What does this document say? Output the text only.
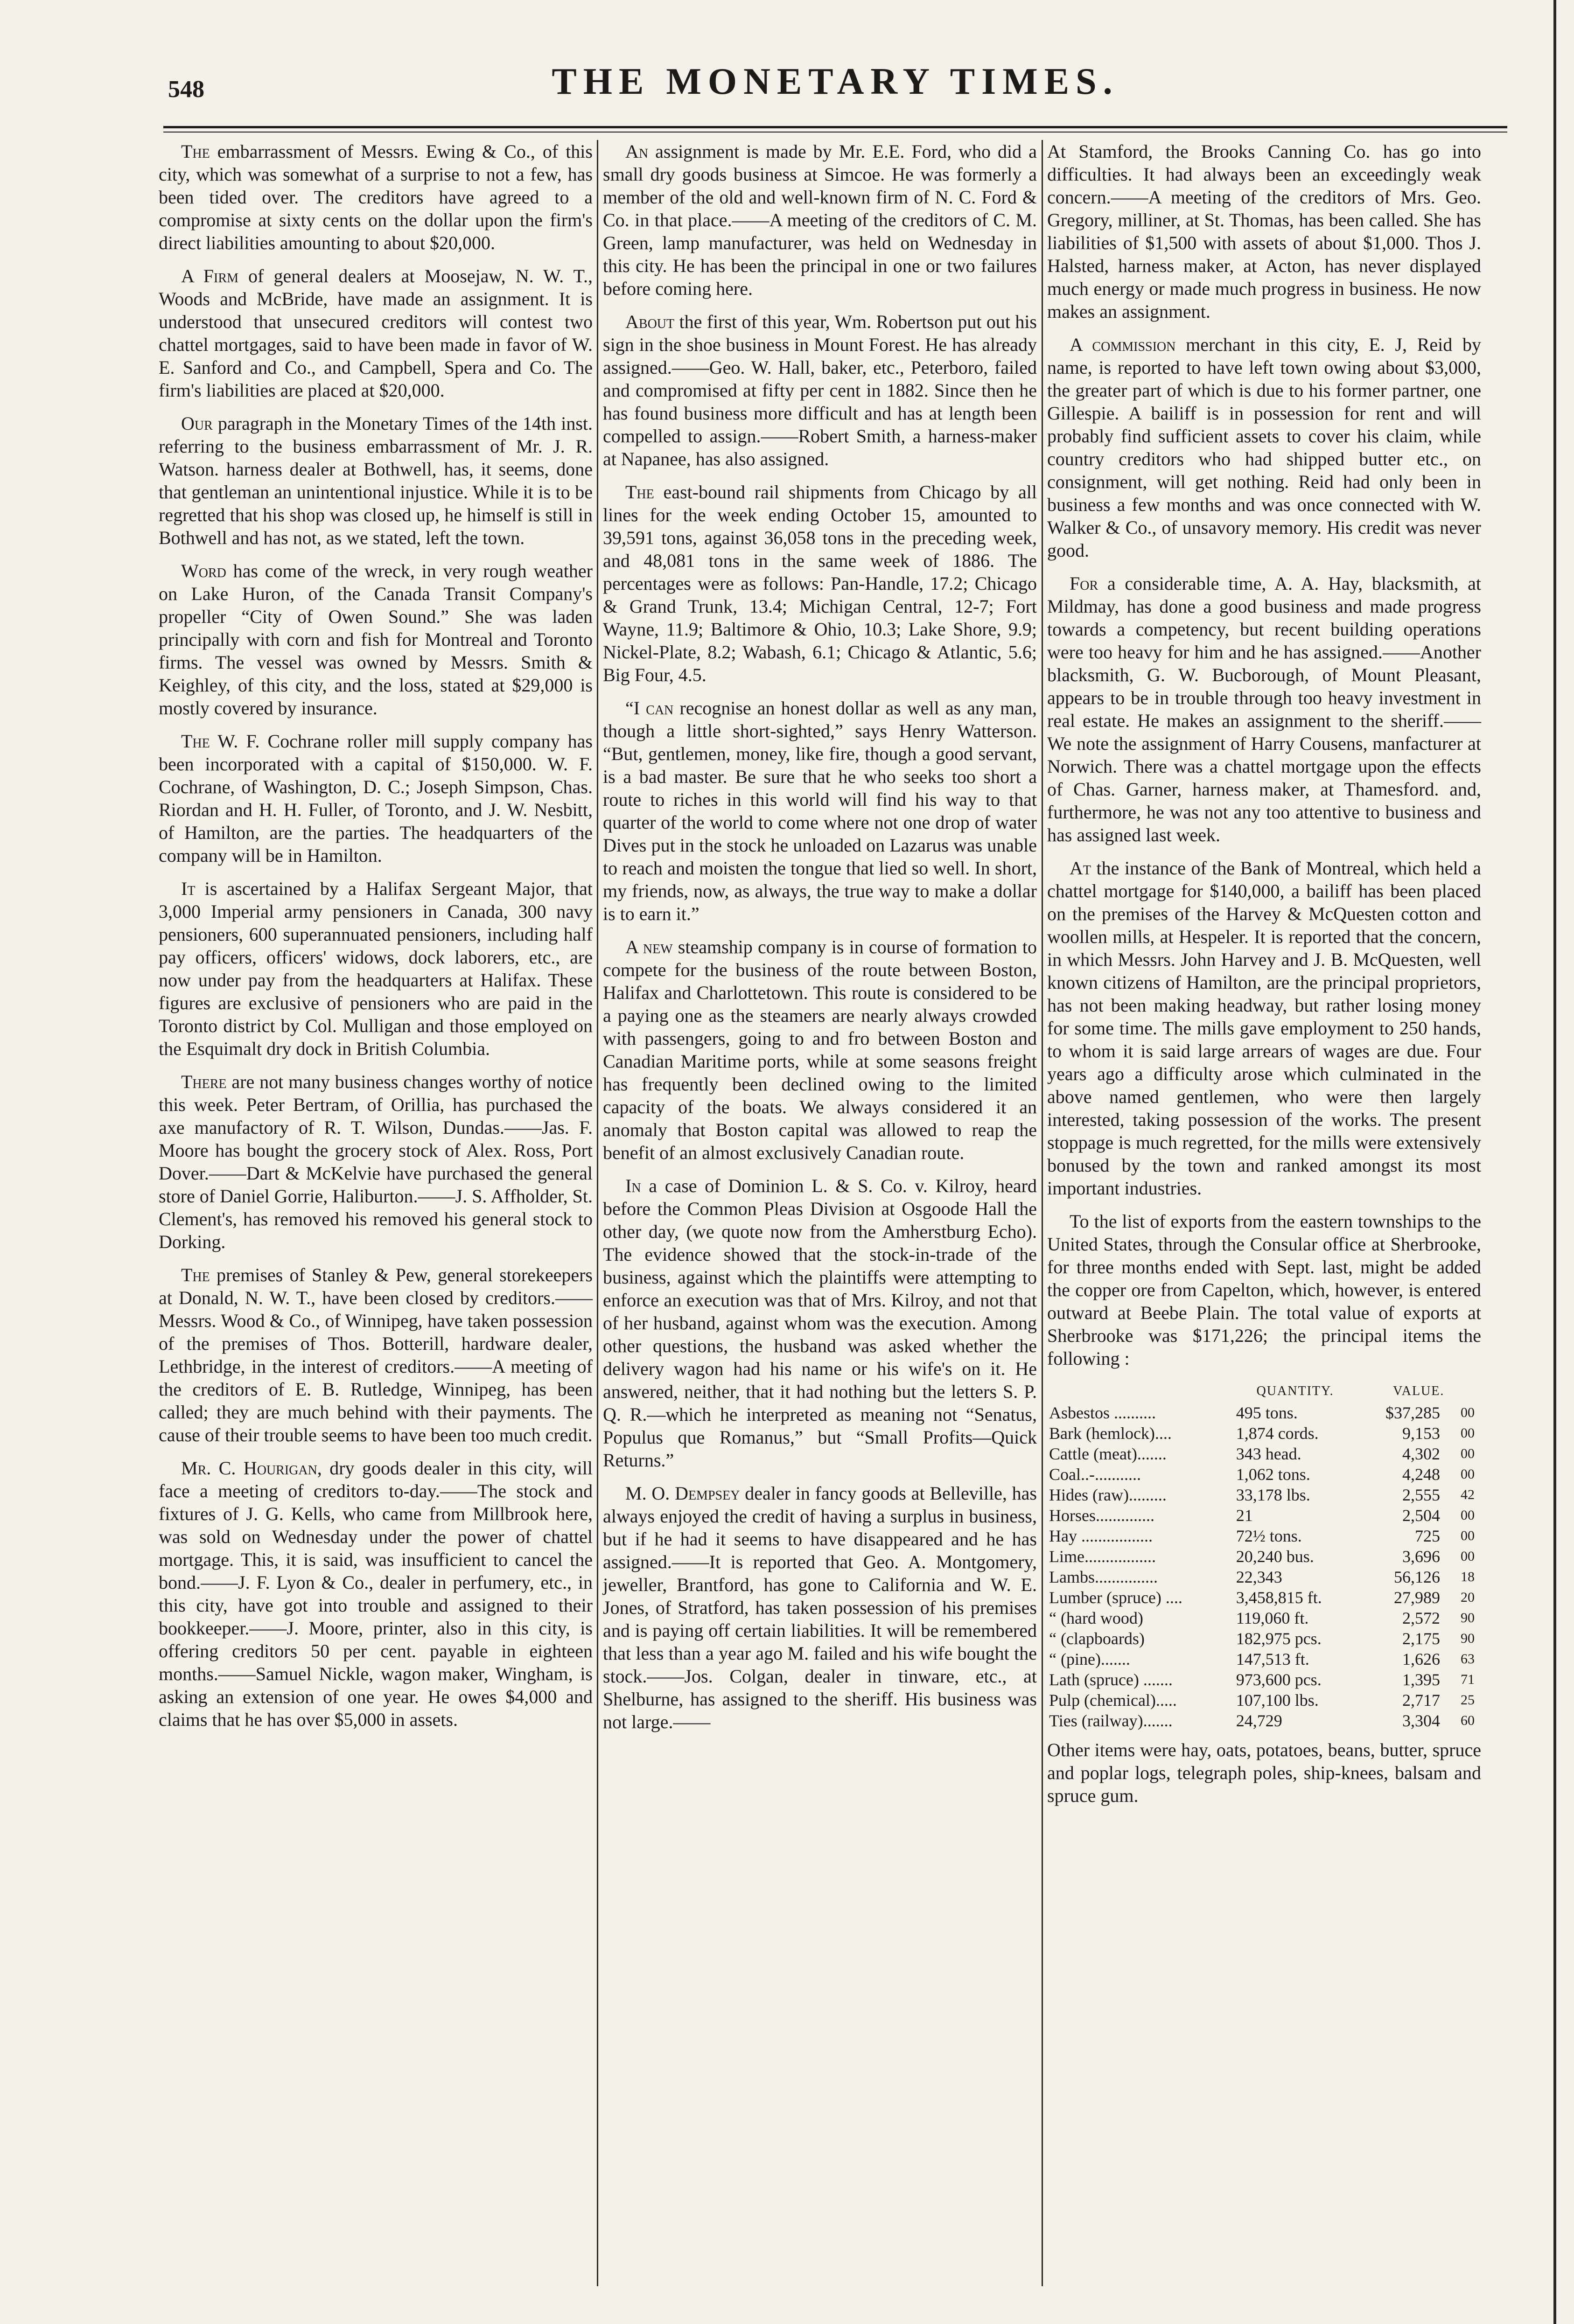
548	THE MONETARY TIMES.

The embarrassment of Messrs. Ewing & Co., of this city, which was somewhat of a surprise to not a few, has been tided over. The creditors have agreed to a compromise at sixty cents on the dollar upon the firm's direct liabilities amounting to about $20,000.

A Firm of general dealers at Moosejaw, N. W. T., Woods and McBride, have made an assignment. It is understood that unsecured creditors will contest two chattel mortgages, said to have been made in favor of W. E. Sanford and Co., and Campbell, Spera and Co. The firm's liabilities are placed at $20,000.

Our paragraph in the Monetary Times of the 14th inst. referring to the business embarrassment of Mr. J. R. Watson. harness dealer at Bothwell, has, it seems, done that gentleman an unintentional injustice. While it is to be regretted that his shop was closed up, he himself is still in Bothwell and has not, as we stated, left the town.

Word has come of the wreck, in very rough weather on Lake Huron, of the Canada Transit Company's propeller “City of Owen Sound.” She was laden principally with corn and fish for Montreal and Toronto firms. The vessel was owned by Messrs. Smith & Keighley, of this city, and the loss, stated at $29,000 is mostly covered by insurance.

The W. F. Cochrane roller mill supply company has been incorporated with a capital of $150,000. W. F. Cochrane, of Washington, D. C.; Joseph Simpson, Chas. Riordan and H. H. Fuller, of Toronto, and J. W. Nesbitt, of Hamilton, are the parties. The headquarters of the company will be in Hamilton.

It is ascertained by a Halifax Sergeant Major, that 3,000 Imperial army pensioners in Canada, 300 navy pensioners, 600 superannuated pensioners, including half pay officers, officers' widows, dock laborers, etc., are now under pay from the headquarters at Halifax. These figures are exclusive of pensioners who are paid in the Toronto district by Col. Mulligan and those employed on the Esquimalt dry dock in British Columbia.

There are not many business changes worthy of notice this week. Peter Bertram, of Orillia, has purchased the axe manufactory of R. T. Wilson, Dundas.——Jas. F. Moore has bought the grocery stock of Alex. Ross, Port Dover.——Dart & McKelvie have purchased the general store of Daniel Gorrie, Haliburton.——J. S. Affholder, St. Clement's, has removed his removed his general stock to Dorking.

The premises of Stanley & Pew, general storekeepers at Donald, N. W. T., have been closed by creditors.——Messrs. Wood & Co., of Winnipeg, have taken possession of the premises of Thos. Botterill, hardware dealer, Lethbridge, in the interest of creditors.——A meeting of the creditors of E. B. Rutledge, Winnipeg, has been called; they are much behind with their payments. The cause of their trouble seems to have been too much credit.

Mr. C. Hourigan, dry goods dealer in this city, will face a meeting of creditors to-day.——The stock and fixtures of J. G. Kells, who came from Millbrook here, was sold on Wednesday under the power of chattel mortgage. This, it is said, was insufficient to cancel the bond.——J. F. Lyon & Co., dealer in perfumery, etc., in this city, have got into trouble and assigned to their bookkeeper.——J. Moore, printer, also in this city, is offering creditors 50 per cent. payable in eighteen months.——Samuel Nickle, wagon maker, Wingham, is asking an extension of one year. He owes $4,000 and claims that he has over $5,000 in assets.

An assignment is made by Mr. E.E. Ford, who did a small dry goods business at Simcoe. He was formerly a member of the old and well-known firm of N. C. Ford & Co. in that place.——A meeting of the creditors of C. M. Green, lamp manufacturer, was held on Wednesday in this city. He has been the principal in one or two failures before coming here.

About the first of this year, Wm. Robertson put out his sign in the shoe business in Mount Forest. He has already assigned.——Geo. W. Hall, baker, etc., Peterboro, failed and compromised at fifty per cent in 1882. Since then he has found business more difficult and has at length been compelled to assign.——Robert Smith, a harness-maker at Napanee, has also assigned.

The east-bound rail shipments from Chicago by all lines for the week ending October 15, amounted to 39,591 tons, against 36,058 tons in the preceding week, and 48,081 tons in the same week of 1886. The percentages were as follows: Pan-Handle, 17.2; Chicago & Grand Trunk, 13.4; Michigan Central, 12-7; Fort Wayne, 11.9; Baltimore & Ohio, 10.3; Lake Shore, 9.9; Nickel-Plate, 8.2; Wabash, 6.1; Chicago & Atlantic, 5.6; Big Four, 4.5.

“I can recognise an honest dollar as well as any man, though a little short-sighted,” says Henry Watterson. “But, gentlemen, money, like fire, though a good servant, is a bad master. Be sure that he who seeks too short a route to riches in this world will find his way to that quarter of the world to come where not one drop of water Dives put in the stock he unloaded on Lazarus was unable to reach and moisten the tongue that lied so well. In short, my friends, now, as always, the true way to make a dollar is to earn it.”

A new steamship company is in course of formation to compete for the business of the route between Boston, Halifax and Charlottetown. This route is considered to be a paying one as the steamers are nearly always crowded with passengers, going to and fro between Boston and Canadian Maritime ports, while at some seasons freight has frequently been declined owing to the limited capacity of the boats. We always considered it an anomaly that Boston capital was allowed to reap the benefit of an almost exclusively Canadian route.

In a case of Dominion L. & S. Co. v. Kilroy, heard before the Common Pleas Division at Osgoode Hall the other day, (we quote now from the Amherstburg Echo). The evidence showed that the stock-in-trade of the business, against which the plaintiffs were attempting to enforce an execution was that of Mrs. Kilroy, and not that of her husband, against whom was the execution. Among other questions, the husband was asked whether the delivery wagon had his name or his wife's on it. He answered, neither, that it had nothing but the letters S. P. Q. R.—which he interpreted as meaning not “Senatus, Populus que Romanus,” but “Small Profits—Quick Returns.”

M. O. Dempsey dealer in fancy goods at Belleville, has always enjoyed the credit of having a surplus in business, but if he had it seems to have disappeared and he has assigned.——It is reported that Geo. A. Montgomery, jeweller, Brantford, has gone to California and W. E. Jones, of Stratford, has taken possession of his premises and is paying off certain liabilities. It will be remembered that less than a year ago M. failed and his wife bought the stock.——Jos. Colgan, dealer in tinware, etc., at Shelburne, has assigned to the sheriff. His business was not large.——

At Stamford, the Brooks Canning Co. has go into difficulties. It had always been an exceedingly weak concern.——A meeting of the creditors of Mrs. Geo. Gregory, milliner, at St. Thomas, has been called. She has liabilities of $1,500 with assets of about $1,000. Thos J. Halsted, harness maker, at Acton, has never displayed much energy or made much progress in business. He now makes an assignment.

A commission merchant in this city, E. J, Reid by name, is reported to have left town owing about $3,000, the greater part of which is due to his former partner, one Gillespie. A bailiff is in possession for rent and will probably find sufficient assets to cover his claim, while country creditors who had shipped butter etc., on consignment, will get nothing. Reid had only been in business a few months and was once connected with W. Walker & Co., of unsavory memory. His credit was never good.

For a considerable time, A. A. Hay, blacksmith, at Mildmay, has done a good business and made progress towards a competency, but recent building operations were too heavy for him and he has assigned.——Another blacksmith, G. W. Bucborough, of Mount Pleasant, appears to be in trouble through too heavy investment in real estate. He makes an assignment to the sheriff.——We note the assignment of Harry Cousens, manfacturer at Norwich. There was a chattel mortgage upon the effects of Chas. Garner, harness maker, at Thamesford. and, furthermore, he was not any too attentive to business and has assigned last week.

At the instance of the Bank of Montreal, which held a chattel mortgage for $140,000, a bailiff has been placed on the premises of the Harvey & McQuesten cotton and woollen mills, at Hespeler. It is reported that the concern, in which Messrs. John Harvey and J. B. McQuesten, well known citizens of Hamilton, are the principal proprietors, has not been making headway, but rather losing money for some time. The mills gave employment to 250 hands, to whom it is said large arrears of wages are due. Four years ago a difficulty arose which culminated in the above named gentlemen, who were then largely interested, taking possession of the works. The present stoppage is much regretted, for the mills were extensively bonused by the town and ranked amongst its most important industries.

To the list of exports from the eastern townships to the United States, through the Consular office at Sherbrooke, for three months ended with Sept. last, might be added the copper ore from Capelton, which, however, is entered outward at Beebe Plain. The total value of exports at Sherbrooke was $171,226; the principal items the following :

	QUANTITY.	VALUE.	
Asbestos ..........	495 tons.	$37,285	00
Bark (hemlock)....	1,874 cords.	9,153	00
Cattle (meat).......	343 head.	4,302	00
Coal..-...........	1,062 tons.	4,248	00
Hides (raw).........	33,178 lbs.	2,555	42
Horses..............	21	2,504	00
Hay .................	72½ tons.	725	00
Lime.................	20,240 bus.	3,696	00
Lambs...............	22,343	56,126	18
Lumber (spruce) ....	3,458,815 ft.	27,989	20
“ (hard wood)	119,060 ft.	2,572	90
“ (clapboards)	182,975 pcs.	2,175	90
“ (pine).......	147,513 ft.	1,626	63
Lath (spruce) .......	973,600 pcs.	1,395	71
Pulp (chemical).....	107,100 lbs.	2,717	25
Ties (railway).......	24,729	3,304	60

Other items were hay, oats, potatoes, beans, butter, spruce and poplar logs, telegraph poles, ship-knees, balsam and spruce gum.
